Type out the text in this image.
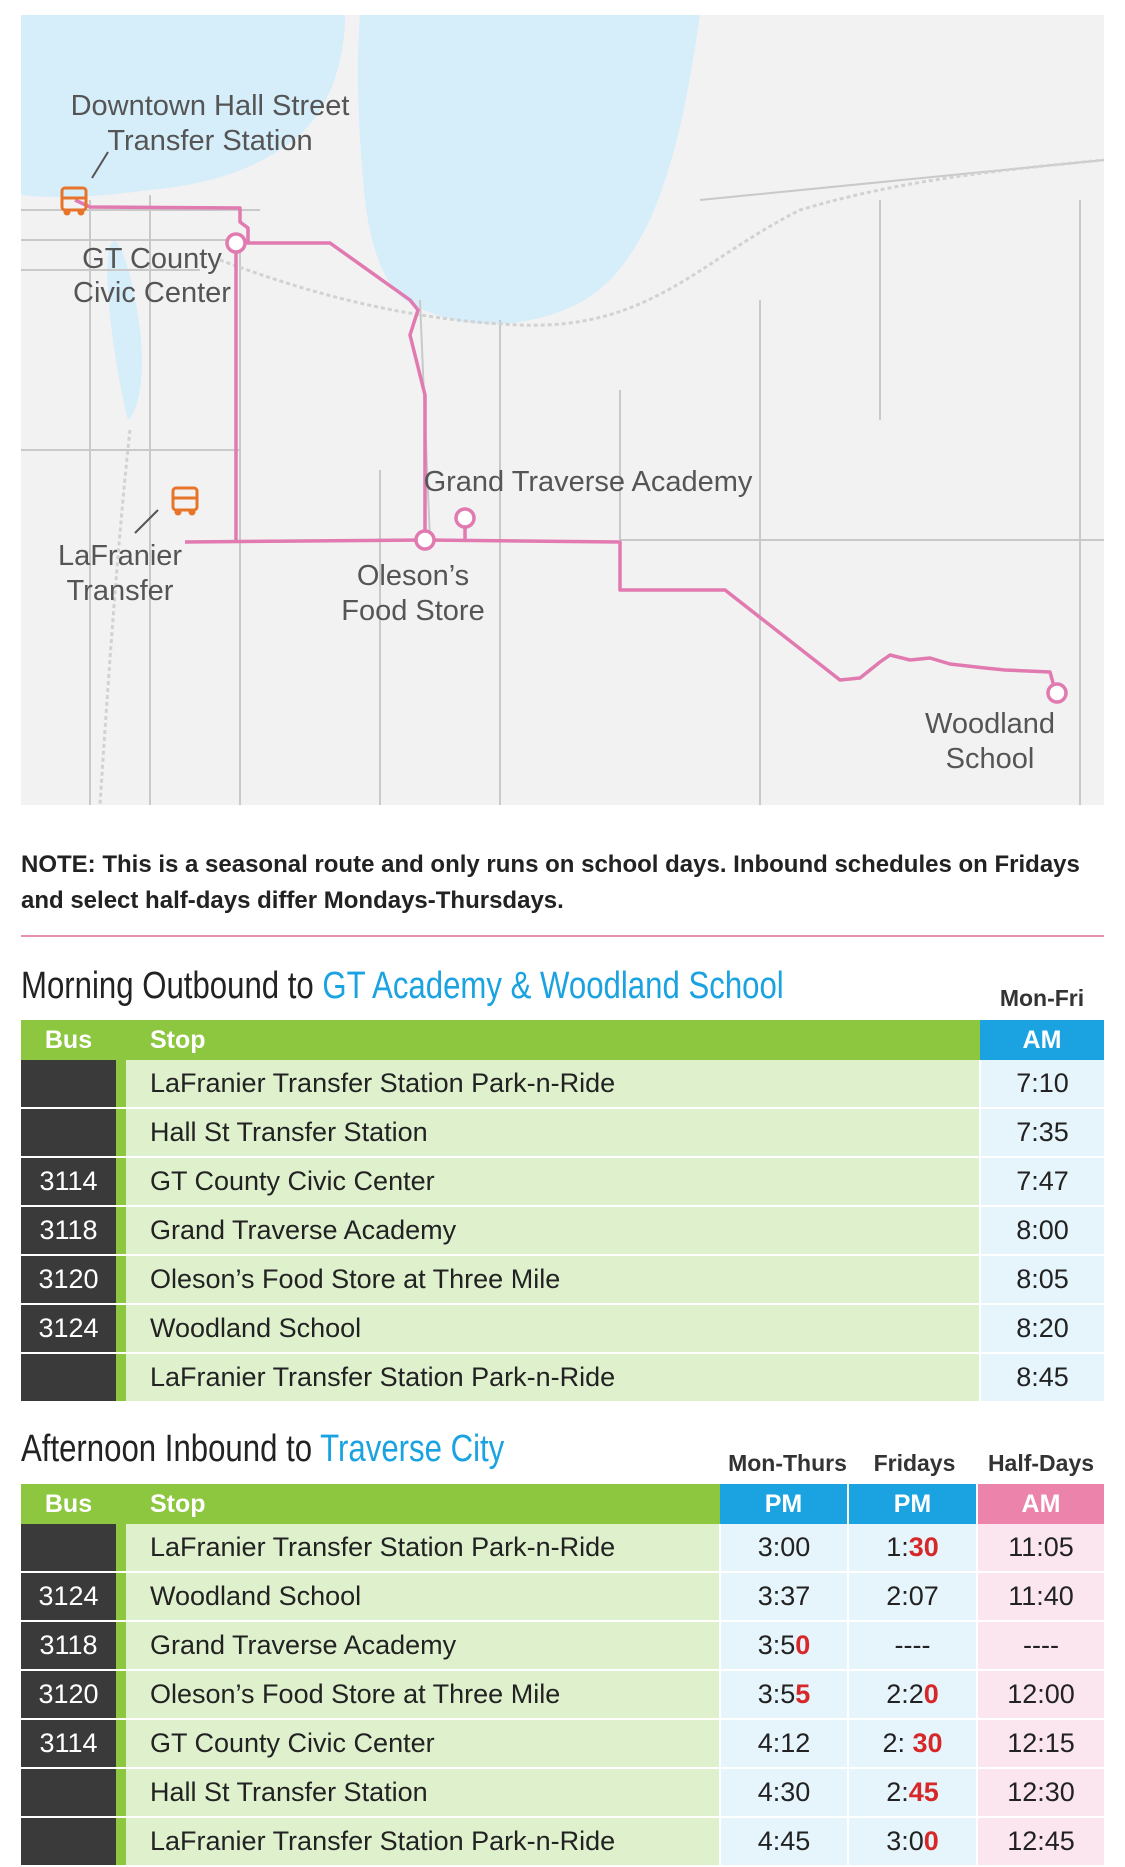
Downtown Hall Street
Transfer Station
GT County
Civic Center
LaFranier
Transfer
Grand Traverse Academy
Oleson’s
Food Store
Woodland
School
NOTE: This is a seasonal route and only runs on school days. Inbound schedules on Fridays and select half-days differ Mondays-Thursdays.
Morning Outbound to GT Academy & Woodland School	Mon-Fri
Bus		Stop	AM
		LaFranier Transfer Station Park-n-Ride	7:10
		Hall St Transfer Station	7:35
3114		GT County Civic Center	7:47
3118		Grand Traverse Academy	8:00
3120		Oleson’s Food Store at Three Mile	8:05
3124		Woodland School	8:20
		LaFranier Transfer Station Park-n-Ride	8:45
Afternoon Inbound to Traverse City	Mon-Thurs	Fridays	Half-Days
Bus		Stop	PM	PM	AM
		LaFranier Transfer Station Park-n-Ride	3:00	1:30	11:05
3124		Woodland School	3:37	2:07	11:40
3118		Grand Traverse Academy	3:50	----	----
3120		Oleson’s Food Store at Three Mile	3:55	2:20	12:00
3114		GT County Civic Center	4:12	2: 30	12:15
		Hall St Transfer Station	4:30	2:45	12:30
		LaFranier Transfer Station Park-n-Ride	4:45	3:00	12:45
